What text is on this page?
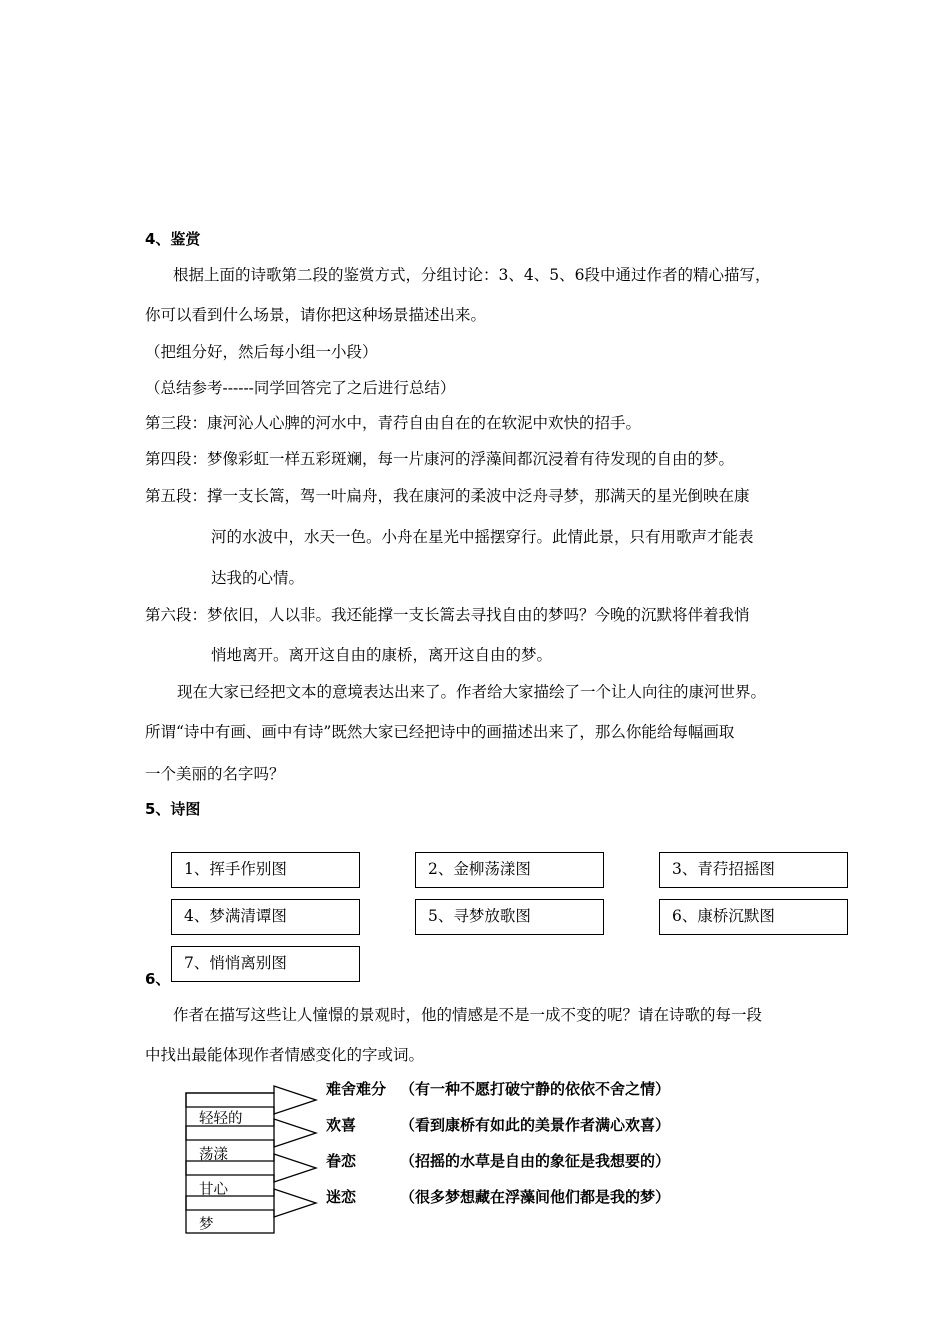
4、鉴赏
根据上面的诗歌第二段的鉴赏方式，分组讨论：3、4、5、6段中通过作者的精心描写，
你可以看到什么场景，请你把这种场景描述出来。
（把组分好，然后每小组一小段）
（总结参考------同学回答完了之后进行总结）
第三段：康河沁人心脾的河水中，青荇自由自在的在软泥中欢快的招手。
第四段：梦像彩虹一样五彩斑斓，每一片康河的浮藻间都沉浸着有待发现的自由的梦。
第五段：撑一支长篙，驾一叶扁舟，我在康河的柔波中泛舟寻梦，那满天的星光倒映在康
河的水波中，水天一色。小舟在星光中摇摆穿行。此情此景，只有用歌声才能表
达我的心情。
第六段：梦依旧，人以非。我还能撑一支长篙去寻找自由的梦吗？今晚的沉默将伴着我悄
悄地离开。离开这自由的康桥，离开这自由的梦。
现在大家已经把文本的意境表达出来了。作者给大家描绘了一个让人向往的康河世界。
所谓“诗中有画、画中有诗”既然大家已经把诗中的画描述出来了，那么你能给每幅画取
一个美丽的名字吗？
5、诗图
1、挥手作别图	2、金柳荡漾图	3、青荇招摇图
4、梦满清谭图	5、寻梦放歌图	6、康桥沉默图
6、
7、悄悄离别图
作者在描写这些让人憧憬的景观时，他的情感是不是一成不变的呢？请在诗歌的每一段
中找出最能体现作者情感变化的字或词。
轻轻的
荡漾
甘心
梦
难舍难分 （有一种不愿打破宁静的依依不舍之情）
欢喜	（看到康桥有如此的美景作者满心欢喜）
眷恋	（招摇的水草是自由的象征是我想要的）
迷恋	（很多梦想藏在浮藻间他们都是我的梦）
